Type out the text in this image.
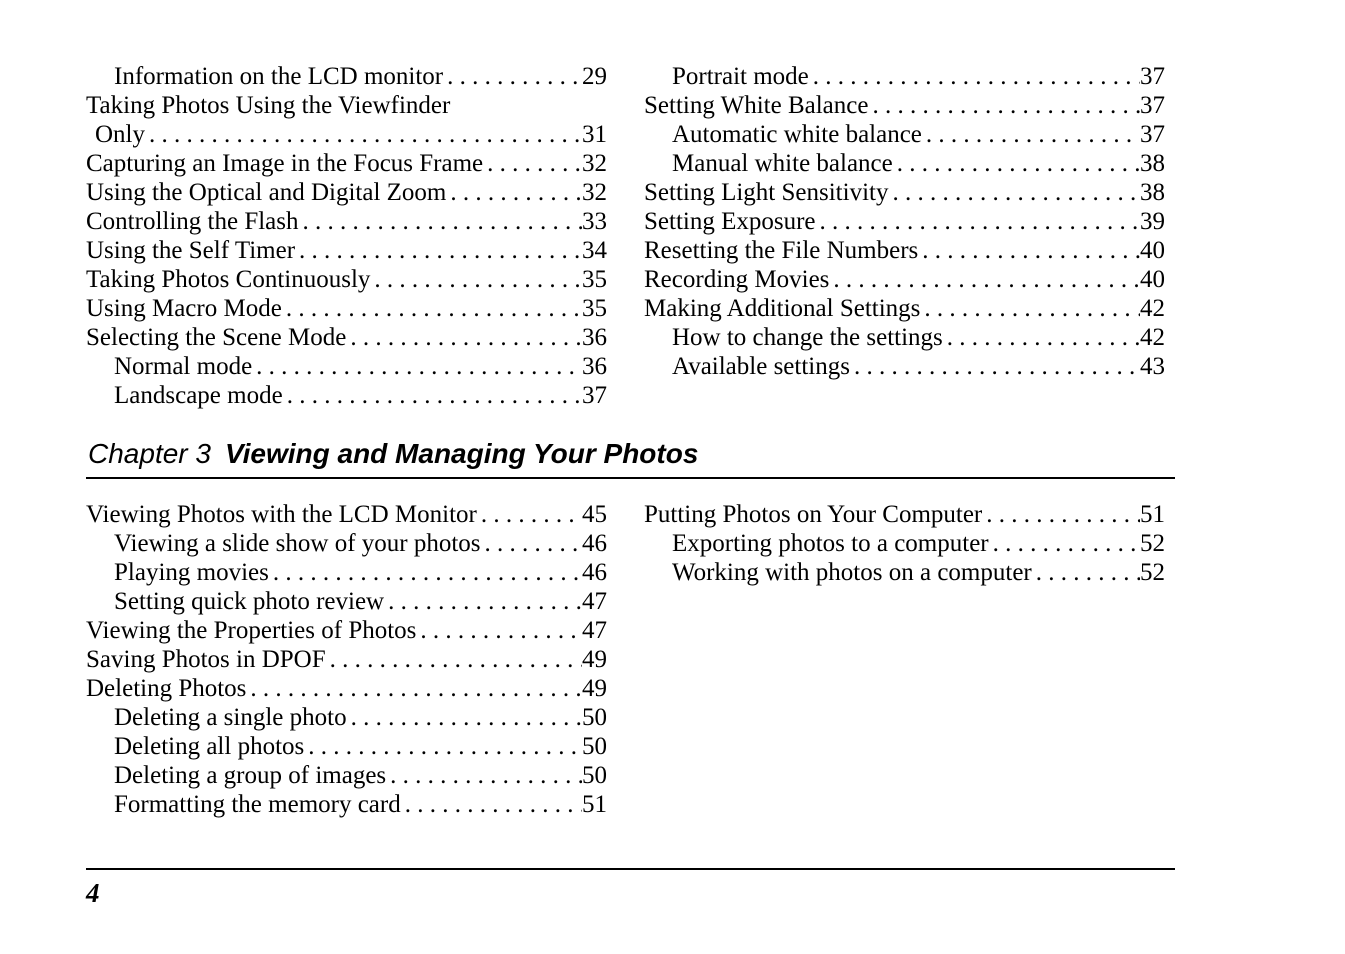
Information on the LCD monitor . . .	29
Taking Photos Using the Viewfinder
Only . . .	31
Capturing an Image in the Focus Frame . . .	32
Using the Optical and Digital Zoom . . .	32
Controlling the Flash . . .	33
Using the Self Timer . . .	34
Taking Photos Continuously . . .	35
Using Macro Mode . . .	35
Selecting the Scene Mode . . .	36
Normal mode . . .	36
Landscape mode . . .	37
Portrait mode . . .	37
Setting White Balance . . .	37
Automatic white balance . . .	37
Manual white balance . . .	38
Setting Light Sensitivity . . .	38
Setting Exposure . . .	39
Resetting the File Numbers . . .	40
Recording Movies . . .	40
Making Additional Settings . . .	42
How to change the settings . . .	42
Available settings . . .	43
Chapter 3 Viewing and Managing Your Photos
Viewing Photos with the LCD Monitor . . .	45
Viewing a slide show of your photos . . .	46
Playing movies . . .	46
Setting quick photo review . . .	47
Viewing the Properties of Photos . . .	47
Saving Photos in DPOF . . .	49
Deleting Photos . . .	49
Deleting a single photo . . .	50
Deleting all photos . . .	50
Deleting a group of images . . .	50
Formatting the memory card . . .	51
Putting Photos on Your Computer . . .	51
Exporting photos to a computer . . .	52
Working with photos on a computer . . .	52
4
